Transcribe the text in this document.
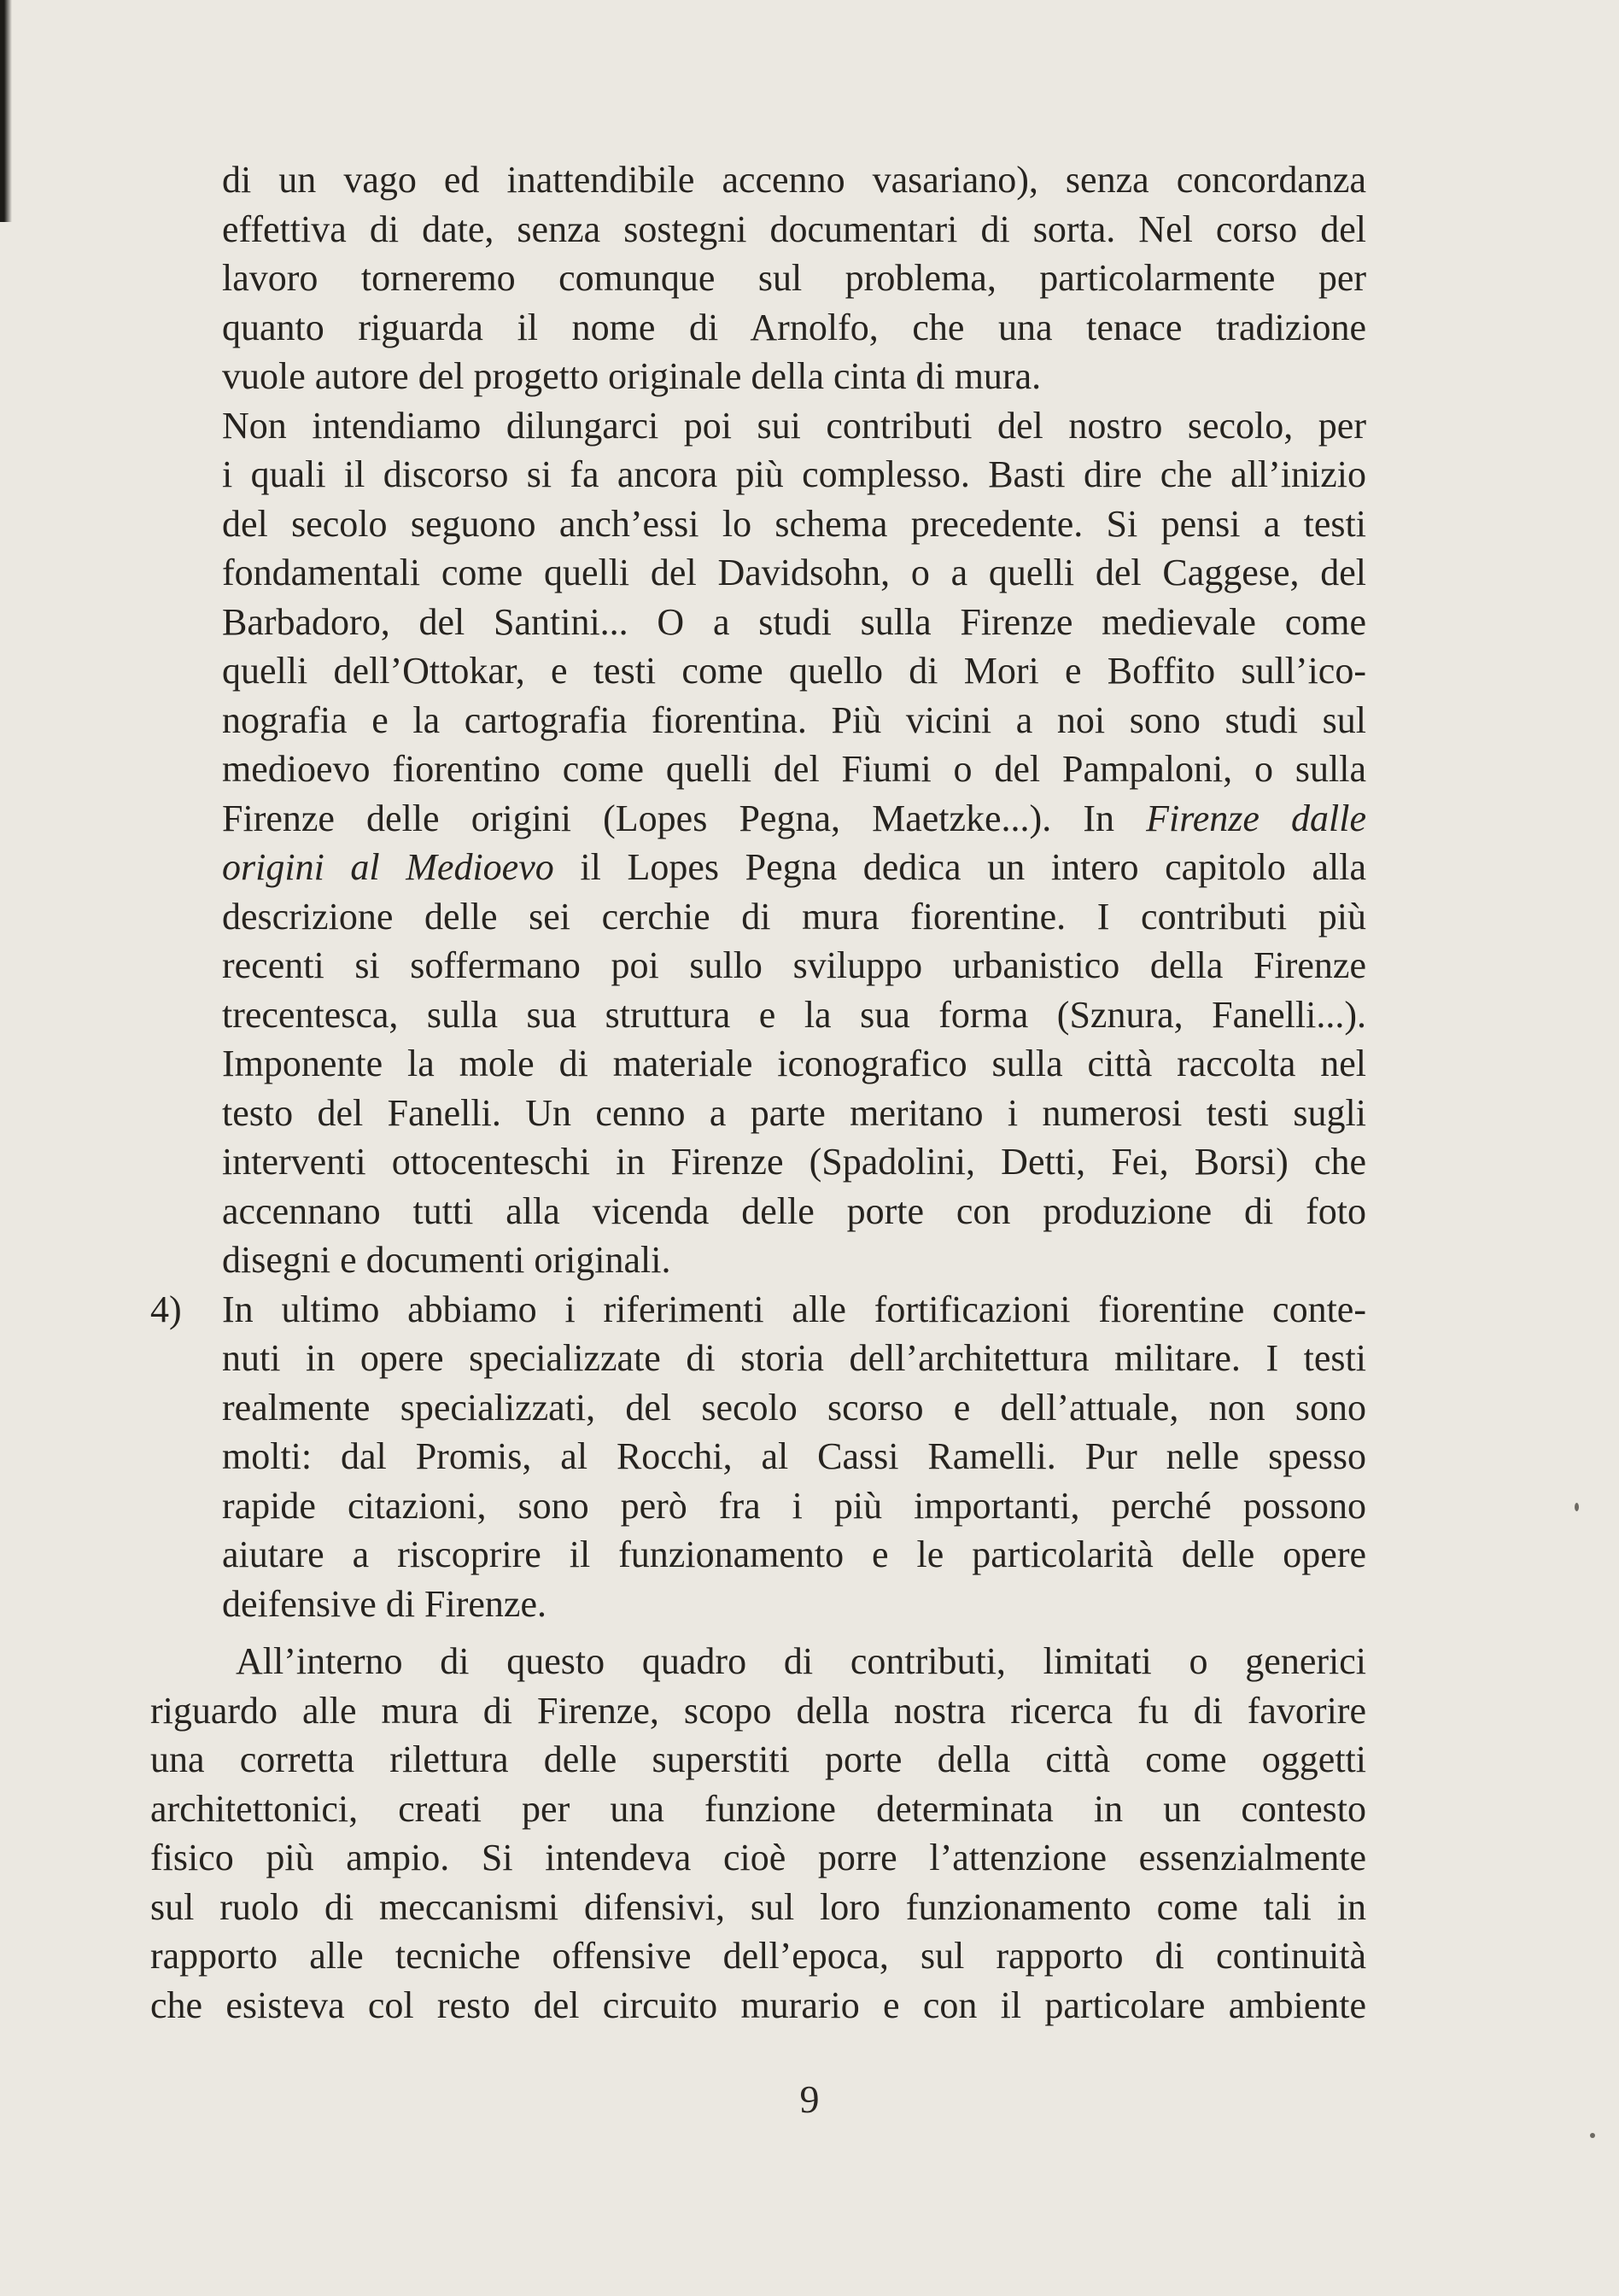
di un vago ed inattendibile accenno vasariano), senza concordanza
effettiva di date, senza sostegni documentari di sorta. Nel corso del
lavoro torneremo comunque sul problema, particolarmente per
quanto riguarda il nome di Arnolfo, che una tenace tradizione
vuole autore del progetto originale della cinta di mura.
Non intendiamo dilungarci poi sui contributi del nostro secolo, per
i quali il discorso si fa ancora più complesso. Basti dire che all’inizio
del secolo seguono anch’essi lo schema precedente. Si pensi a testi
fondamentali come quelli del Davidsohn, o a quelli del Caggese, del
Barbadoro, del Santini... O a studi sulla Firenze medievale come
quelli dell’Ottokar, e testi come quello di Mori e Boffito sull’ico-
nografia e la cartografia fiorentina. Più vicini a noi sono studi sul
medioevo fiorentino come quelli del Fiumi o del Pampaloni, o sulla
Firenze delle origini (Lopes Pegna, Maetzke...). In Firenze dalle
origini al Medioevo il Lopes Pegna dedica un intero capitolo alla
descrizione delle sei cerchie di mura fiorentine. I contributi più
recenti si soffermano poi sullo sviluppo urbanistico della Firenze
trecentesca, sulla sua struttura e la sua forma (Sznura, Fanelli...).
Imponente la mole di materiale iconografico sulla città raccolta nel
testo del Fanelli. Un cenno a parte meritano i numerosi testi sugli
interventi ottocenteschi in Firenze (Spadolini, Detti, Fei, Borsi) che
accennano tutti alla vicenda delle porte con produzione di foto
disegni e documenti originali.
4) In ultimo abbiamo i riferimenti alle fortificazioni fiorentine conte-
nuti in opere specializzate di storia dell’architettura militare. I testi
realmente specializzati, del secolo scorso e dell’attuale, non sono
molti: dal Promis, al Rocchi, al Cassi Ramelli. Pur nelle spesso
rapide citazioni, sono però fra i più importanti, perché possono
aiutare a riscoprire il funzionamento e le particolarità delle opere
deifensive di Firenze.
All’interno di questo quadro di contributi, limitati o generici
riguardo alle mura di Firenze, scopo della nostra ricerca fu di favorire
una corretta rilettura delle superstiti porte della città come oggetti
architettonici, creati per una funzione determinata in un contesto
fisico più ampio. Si intendeva cioè porre l’attenzione essenzialmente
sul ruolo di meccanismi difensivi, sul loro funzionamento come tali in
rapporto alle tecniche offensive dell’epoca, sul rapporto di continuità
che esisteva col resto del circuito murario e con il particolare ambiente
9
